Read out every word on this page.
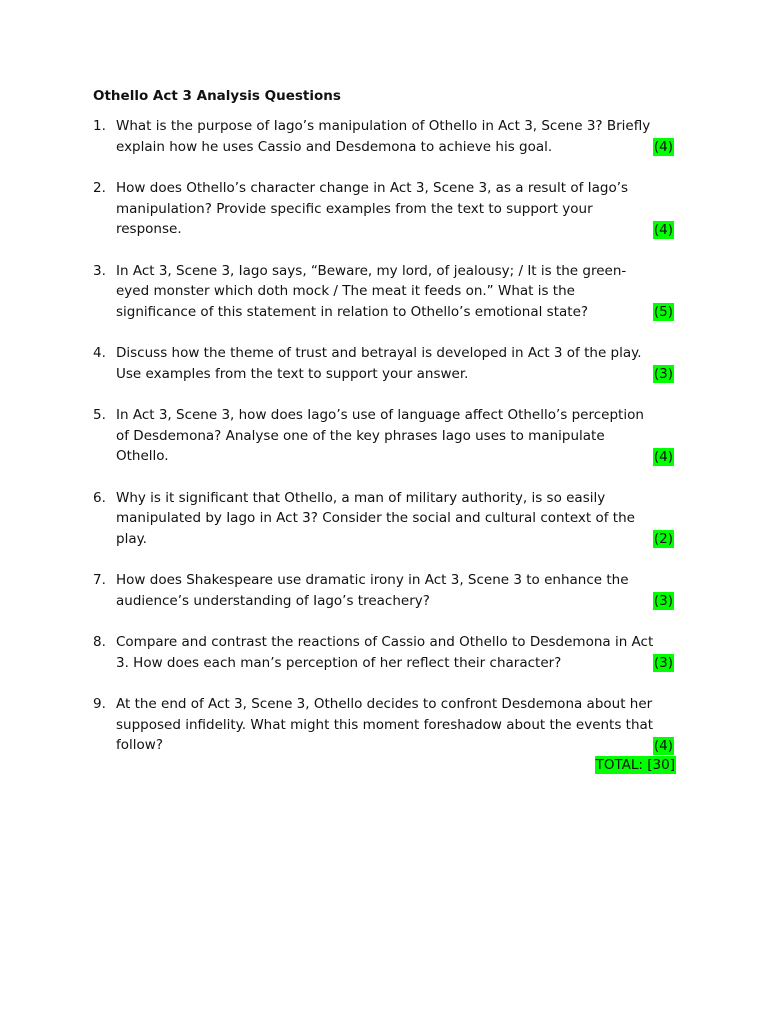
Othello Act 3 Analysis Questions
1. What is the purpose of Iago’s manipulation of Othello in Act 3, Scene 3? Briefly explain how he uses Cassio and Desdemona to achieve his goal.	(4)
2. How does Othello’s character change in Act 3, Scene 3, as a result of Iago’s manipulation? Provide specific examples from the text to support your response.	(4)
3. In Act 3, Scene 3, Iago says, “Beware, my lord, of jealousy; / It is the green-eyed monster which doth mock / The meat it feeds on.” What is the significance of this statement in relation to Othello’s emotional state?	(5)
4. Discuss how the theme of trust and betrayal is developed in Act 3 of the play. Use examples from the text to support your answer.	(3)
5. In Act 3, Scene 3, how does Iago’s use of language affect Othello’s perception of Desdemona? Analyse one of the key phrases Iago uses to manipulate Othello.	(4)
6. Why is it significant that Othello, a man of military authority, is so easily manipulated by Iago in Act 3? Consider the social and cultural context of the play.	(2)
7. How does Shakespeare use dramatic irony in Act 3, Scene 3 to enhance the audience’s understanding of Iago’s treachery?	(3)
8. Compare and contrast the reactions of Cassio and Othello to Desdemona in Act 3. How does each man’s perception of her reflect their character?	(3)
9. At the end of Act 3, Scene 3, Othello decides to confront Desdemona about her supposed infidelity. What might this moment foreshadow about the events that follow?	(4)
TOTAL: [30]
